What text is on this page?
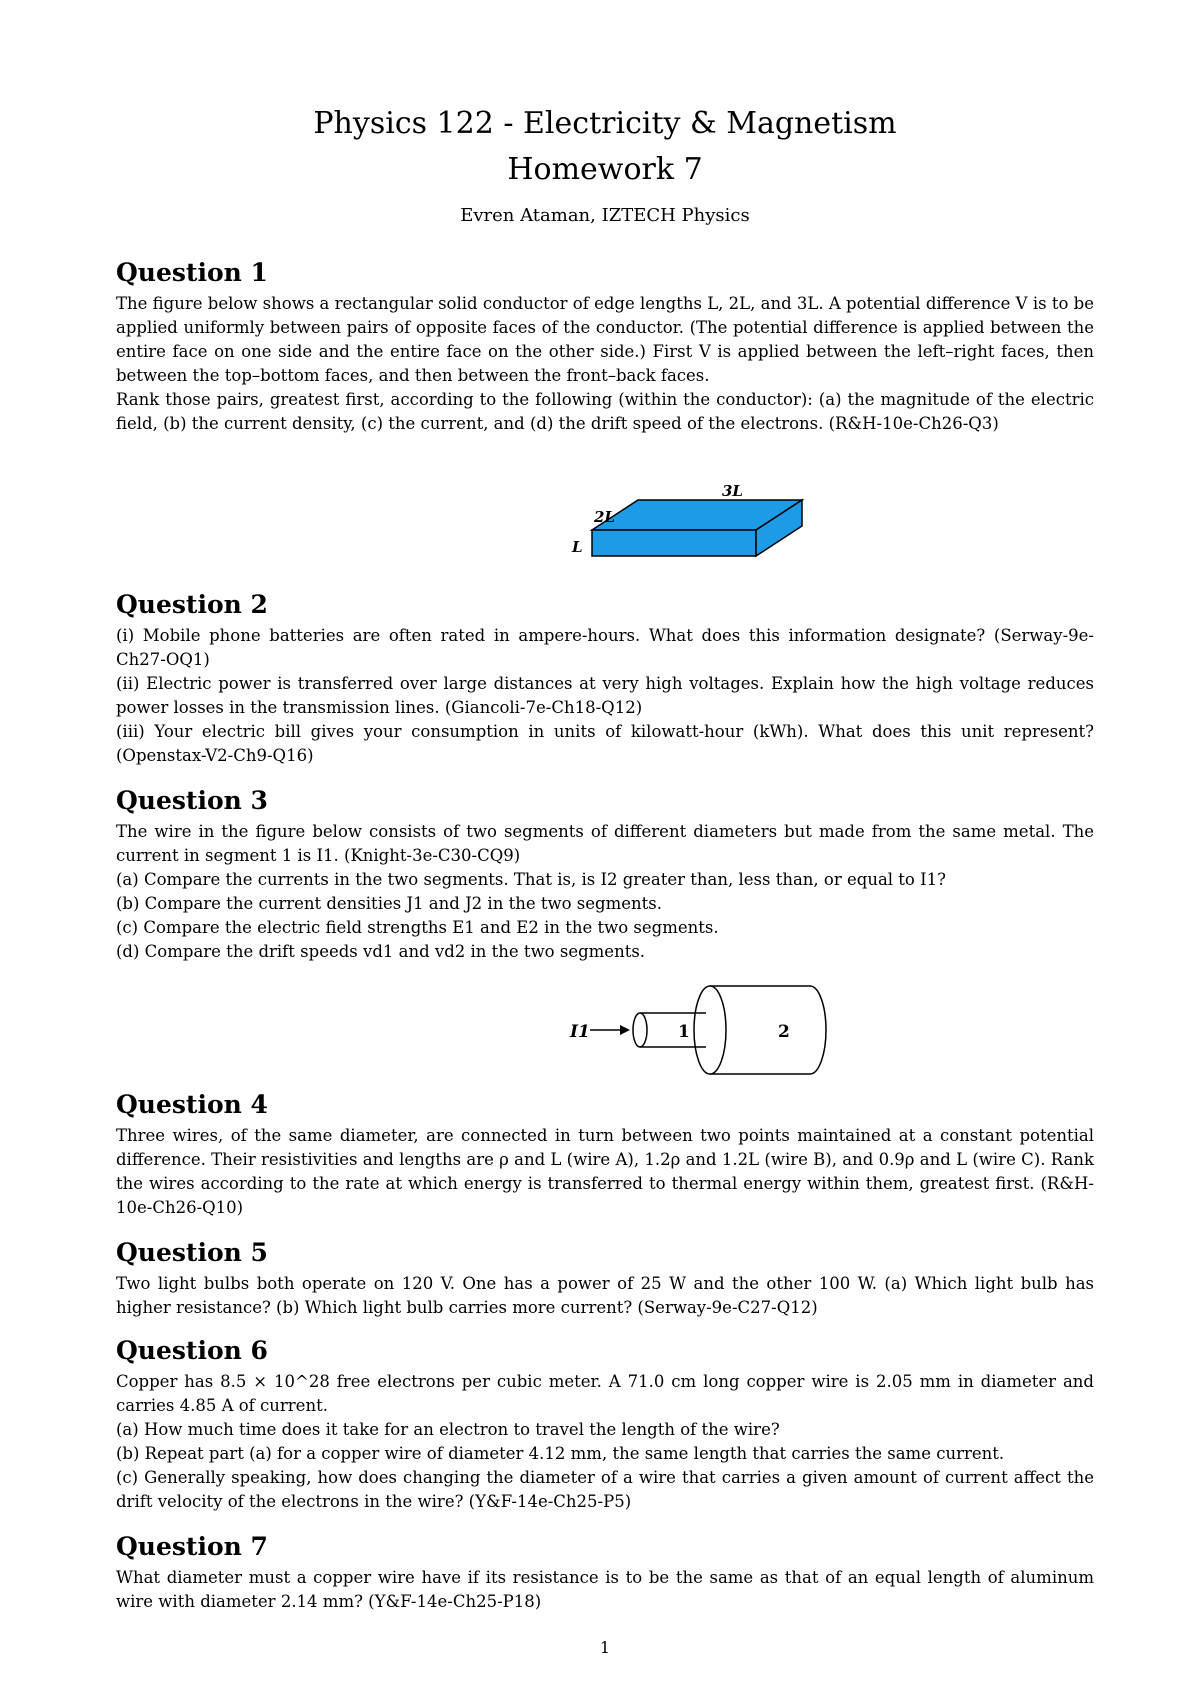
Physics 122 - Electricity & Magnetism
Homework 7
Evren Ataman, IZTECH Physics
Question 1

The figure below shows a rectangular solid conductor of edge lengths L, 2L, and 3L. A potential difference V is to be applied uniformly between pairs of opposite faces of the conductor. (The potential difference is applied between the entire face on one side and the entire face on the other side.) First V is applied between the left–right faces, then between the top–bottom faces, and then between the front–back faces.

Rank those pairs, greatest first, according to the following (within the conductor): (a) the magnitude of the electric field, (b) the current density, (c) the current, and (d) the drift speed of the electrons. (R&H-10e-Ch26-Q3)

3L
2L
L
Question 2

(i) Mobile phone batteries are often rated in ampere-hours. What does this information designate? (Serway-9e-Ch27-OQ1)

(ii) Electric power is transferred over large distances at very high voltages. Explain how the high voltage reduces power losses in the transmission lines. (Giancoli-7e-Ch18-Q12)

(iii) Your electric bill gives your consumption in units of kilowatt-hour (kWh). What does this unit represent? (Openstax-V2-Ch9-Q16)

Question 3

The wire in the figure below consists of two segments of different diameters but made from the same metal. The current in segment 1 is I1. (Knight-3e-C30-CQ9)

(a) Compare the currents in the two segments. That is, is I2 greater than, less than, or equal to I1?

(b) Compare the current densities J1 and J2 in the two segments.

(c) Compare the electric field strengths E1 and E2 in the two segments.

(d) Compare the drift speeds vd1 and vd2 in the two segments.

I1	1	2
Question 4
Three wires, of the same diameter, are connected in turn between two points maintained at a constant potential difference. Their resistivities and lengths are ρ and L (wire A), 1.2ρ and 1.2L (wire B), and 0.9ρ and L (wire C). Rank the wires according to the rate at which energy is transferred to thermal energy within them, greatest first. (R&H-10e-Ch26-Q10)
Question 5
Two light bulbs both operate on 120 V. One has a power of 25 W and the other 100 W. (a) Which light bulb has higher resistance? (b) Which light bulb carries more current? (Serway-9e-C27-Q12)
Question 6

Copper has 8.5 × 10^28 free electrons per cubic meter. A 71.0 cm long copper wire is 2.05 mm in diameter and carries 4.85 A of current.

(a) How much time does it take for an electron to travel the length of the wire?

(b) Repeat part (a) for a copper wire of diameter 4.12 mm, the same length that carries the same current.

(c) Generally speaking, how does changing the diameter of a wire that carries a given amount of current affect the drift velocity of the electrons in the wire? (Y&F-14e-Ch25-P5)

Question 7
What diameter must a copper wire have if its resistance is to be the same as that of an equal length of aluminum wire with diameter 2.14 mm? (Y&F-14e-Ch25-P18)
1
